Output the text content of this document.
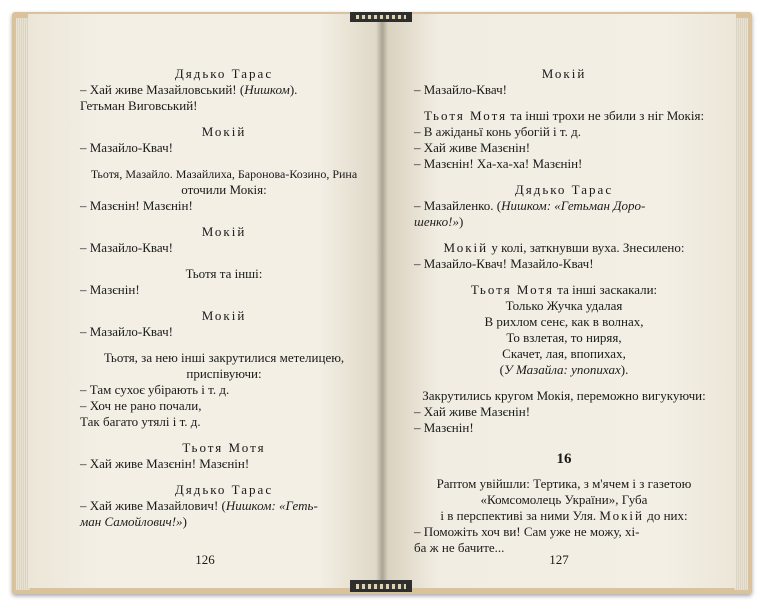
Дядько Тарас
– Хай живе Мазайловський! (Нишком).
Гетьман Виговський!
Мокій
– Мазайло-Квач!
Тьотя, Мазайло. Мазайлиха, Баронова-Козино, Рина
оточили Мокія:
– Мазєнін! Мазєнін!
Мокій
– Мазайло-Квач!
Тьотя та інші:
– Мазєнін!
Мокій
– Мазайло-Квач!
Тьотя, за нею інші закрутилися метелицею,
приспівуючи:
– Там сухоє убірають і т. д.
– Хоч не рано почали,
Так багато утялі і т. д.
Тьотя Мотя
– Хай живе Мазєнін! Мазєнін!
Дядько Тарас
– Хай живе Мазайлович! (Нишком: «Геть-
ман Самойлович!»)
126
Мокій
– Мазайло-Квач!
Тьотя Мотя та інші трохи не збили з ніг Мокія:
– В ажіданьї конь убогій і т. д.
– Хай живе Мазєнін!
– Мазєнін! Ха-ха-ха! Мазєнін!
Дядько Тарас
– Мазайленко. (Нишком: «Гетьман Доро-
шенко!»)
Мокій у колі, заткнувши вуха. Знесилено:
– Мазайло-Квач! Мазайло-Квач!
Тьотя Мотя та інші заскакали:
Только Жучка удалая
В рихлом сенє, как в волнах,
То взлетая, то ниряя,
Скачет, лая, впопихах,
(У Мазайла: упопихах).
Закрутились кругом Мокія, переможно вигукуючи:
– Хай живе Мазєнін!
– Мазєнін!
16
Раптом увійшли: Тертика, з м'ячем і з газетою
«Комсомолець України», Губа
і в перспективі за ними Уля. Мокій до них:
– Поможіть хоч ви! Сам уже не можу, хі-
ба ж не бачите...
127
